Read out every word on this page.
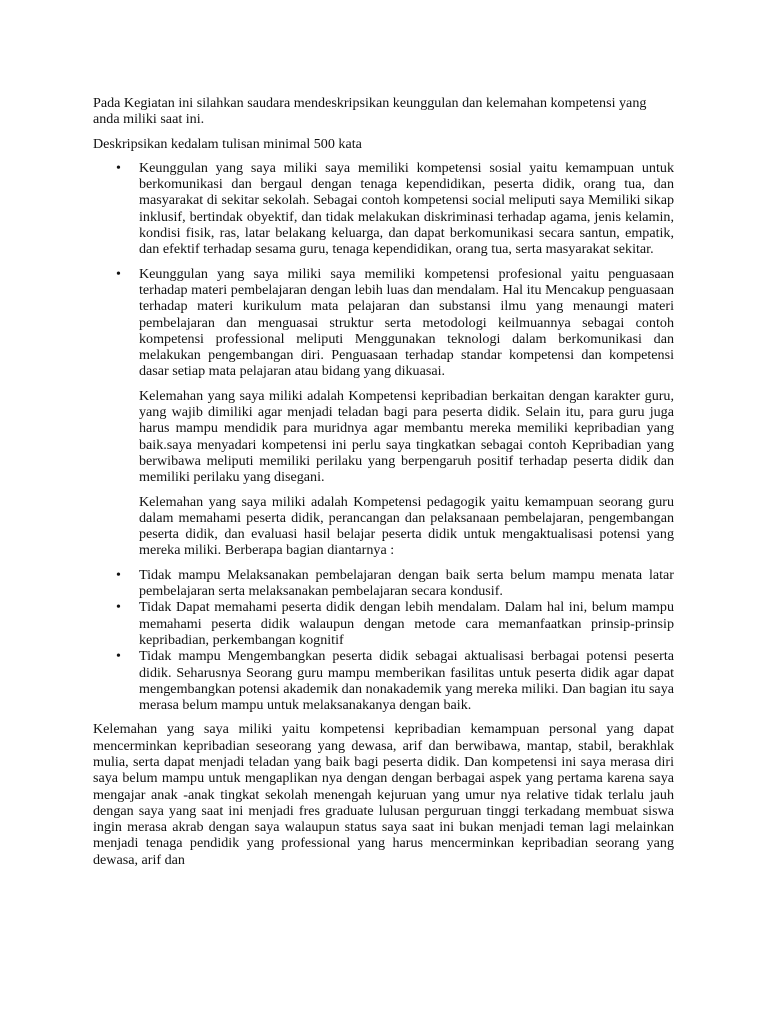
Pada Kegiatan ini silahkan saudara mendeskripsikan keunggulan dan kelemahan kompetensi yang anda miliki saat ini.

Deskripsikan kedalam tulisan minimal 500 kata

•	Keunggulan yang saya miliki saya memiliki kompetensi sosial yaitu kemampuan untuk berkomunikasi dan bergaul dengan tenaga kependidikan, peserta didik, orang tua, dan masyarakat di sekitar sekolah. Sebagai contoh kompetensi social meliputi saya Memiliki sikap inklusif, bertindak obyektif, dan tidak melakukan diskriminasi terhadap agama, jenis kelamin, kondisi fisik, ras, latar belakang keluarga, dan dapat berkomunikasi secara santun, empatik, dan efektif terhadap sesama guru, tenaga kependidikan, orang tua, serta masyarakat sekitar.
•	Keunggulan yang saya miliki saya memiliki kompetensi profesional yaitu penguasaan terhadap materi pembelajaran dengan lebih luas dan mendalam. Hal itu Mencakup penguasaan terhadap materi kurikulum mata pelajaran dan substansi ilmu yang menaungi materi pembelajaran dan menguasai struktur serta metodologi keilmuannya sebagai contoh kompetensi professional meliputi Menggunakan teknologi dalam berkomunikasi dan melakukan pengembangan diri. Penguasaan terhadap standar kompetensi dan kompetensi dasar setiap mata pelajaran atau bidang yang dikuasai.

Kelemahan yang saya miliki adalah Kompetensi kepribadian berkaitan dengan karakter guru, yang wajib dimiliki agar menjadi teladan bagi para peserta didik. Selain itu, para guru juga harus mampu mendidik para muridnya agar membantu mereka memiliki kepribadian yang baik.saya menyadari kompetensi ini perlu saya tingkatkan sebagai contoh Kepribadian yang berwibawa meliputi memiliki perilaku yang berpengaruh positif terhadap peserta didik dan memiliki perilaku yang disegani.

Kelemahan yang saya miliki adalah Kompetensi pedagogik yaitu kemampuan seorang guru dalam memahami peserta didik, perancangan dan pelaksanaan pembelajaran, pengembangan peserta didik, dan evaluasi hasil belajar peserta didik untuk mengaktualisasi potensi yang mereka miliki. Berberapa bagian diantarnya :

•	Tidak mampu Melaksanakan pembelajaran dengan baik serta belum mampu menata latar pembelajaran serta melaksanakan pembelajaran secara kondusif.
•	Tidak Dapat memahami peserta didik dengan lebih mendalam. Dalam hal ini, belum mampu memahami peserta didik walaupun dengan metode cara memanfaatkan prinsip-prinsip kepribadian, perkembangan kognitif
•	Tidak mampu Mengembangkan peserta didik sebagai aktualisasi berbagai potensi peserta didik. Seharusnya Seorang guru mampu memberikan fasilitas untuk peserta didik agar dapat mengembangkan potensi akademik dan nonakademik yang mereka miliki. Dan bagian itu saya merasa belum mampu untuk melaksanakanya dengan baik.

Kelemahan yang saya miliki yaitu kompetensi kepribadian kemampuan personal yang dapat mencerminkan kepribadian seseorang yang dewasa, arif dan berwibawa, mantap, stabil, berakhlak mulia, serta dapat menjadi teladan yang baik bagi peserta didik. Dan kompetensi ini saya merasa diri saya belum mampu untuk mengaplikan nya dengan dengan berbagai aspek yang pertama karena saya mengajar anak -anak tingkat sekolah menengah kejuruan yang umur nya relative tidak terlalu jauh dengan saya yang saat ini menjadi fres graduate lulusan perguruan tinggi terkadang membuat siswa ingin merasa akrab dengan saya walaupun status saya saat ini bukan menjadi teman lagi melainkan menjadi tenaga pendidik yang professional yang harus mencerminkan kepribadian seorang yang dewasa, arif dan
